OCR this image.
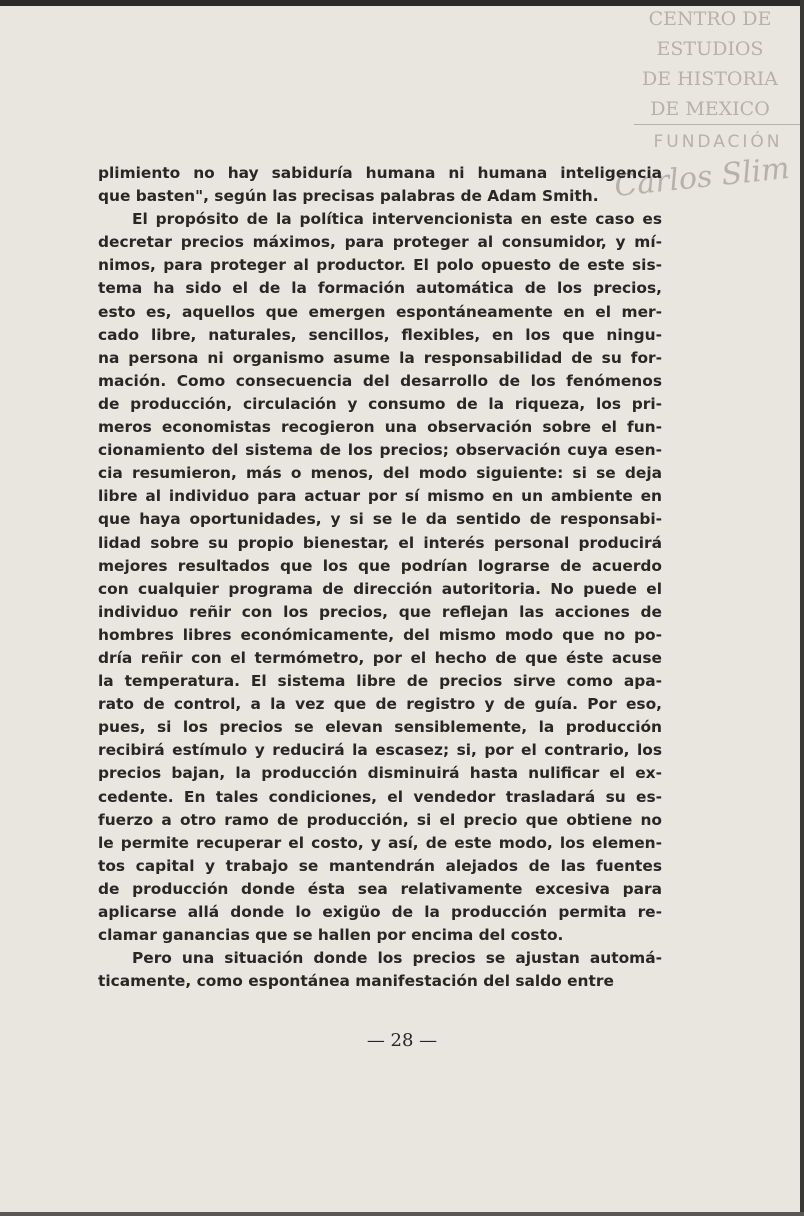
CENTRO DE
ESTUDIOS
DE HISTORIA
DE MEXICO
FUNDACIÓN
Carlos Slim
plimiento no hay sabiduría humana ni humana inteligencia
que basten", según las precisas palabras de Adam Smith.
El propósito de la política intervencionista en este caso es
decretar precios máximos, para proteger al consumidor, y mí-
nimos, para proteger al productor. El polo opuesto de este sis-
tema ha sido el de la formación automática de los precios,
esto es, aquellos que emergen espontáneamente en el mer-
cado libre, naturales, sencillos, flexibles, en los que ningu-
na persona ni organismo asume la responsabilidad de su for-
mación. Como consecuencia del desarrollo de los fenómenos
de producción, circulación y consumo de la riqueza, los pri-
meros economistas recogieron una observación sobre el fun-
cionamiento del sistema de los precios; observación cuya esen-
cia resumieron, más o menos, del modo siguiente: si se deja
libre al individuo para actuar por sí mismo en un ambiente en
que haya oportunidades, y si se le da sentido de responsabi-
lidad sobre su propio bienestar, el interés personal producirá
mejores resultados que los que podrían lograrse de acuerdo
con cualquier programa de dirección autoritoria. No puede el
individuo reñir con los precios, que reflejan las acciones de
hombres libres económicamente, del mismo modo que no po-
dría reñir con el termómetro, por el hecho de que éste acuse
la temperatura. El sistema libre de precios sirve como apa-
rato de control, a la vez que de registro y de guía. Por eso,
pues, si los precios se elevan sensiblemente, la producción
recibirá estímulo y reducirá la escasez; si, por el contrario, los
precios bajan, la producción disminuirá hasta nulificar el ex-
cedente. En tales condiciones, el vendedor trasladará su es-
fuerzo a otro ramo de producción, si el precio que obtiene no
le permite recuperar el costo, y así, de este modo, los elemen-
tos capital y trabajo se mantendrán alejados de las fuentes
de producción donde ésta sea relativamente excesiva para
aplicarse allá donde lo exigüo de la producción permita re-
clamar ganancias que se hallen por encima del costo.
Pero una situación donde los precios se ajustan automá-
ticamente, como espontánea manifestación del saldo entre
— 28 —
